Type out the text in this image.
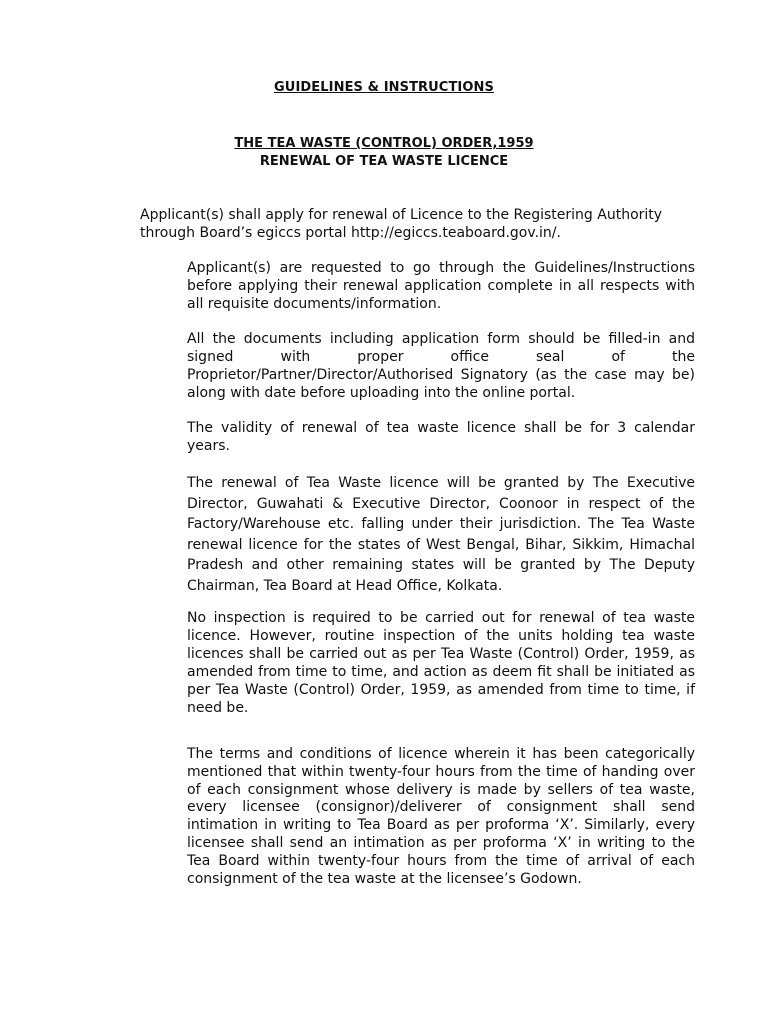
GUIDELINES & INSTRUCTIONS
THE TEA WASTE (CONTROL) ORDER,1959
RENEWAL OF TEA WASTE LICENCE
Applicant(s) shall apply for renewal of Licence to the Registering Authority through Board’s egiccs portal http://egiccs.teaboard.gov.in/.
Applicant(s) are requested to go through the Guidelines/Instructions before applying their renewal application complete in all respects with all requisite documents/information.
All the documents including application form should be filled-in and signed with proper office seal of the Proprietor/Partner/Director/Authorised Signatory (as the case may be) along with date before uploading into the online portal.
The validity of renewal of tea waste licence shall be for 3 calendar years.
The renewal of Tea Waste licence will be granted by The Executive Director, Guwahati & Executive Director, Coonoor in respect of the Factory/Warehouse etc. falling under their jurisdiction. The Tea Waste renewal licence for the states of West Bengal, Bihar, Sikkim, Himachal Pradesh and other remaining states will be granted by The Deputy Chairman, Tea Board at Head Office, Kolkata.
No inspection is required to be carried out for renewal of tea waste licence. However, routine inspection of the units holding tea waste licences shall be carried out as per Tea Waste (Control) Order, 1959, as amended from time to time, and action as deem fit shall be initiated as per Tea Waste (Control) Order, 1959, as amended from time to time, if need be.
The terms and conditions of licence wherein it has been categorically mentioned that within twenty-four hours from the time of handing over of each consignment whose delivery is made by sellers of tea waste, every licensee (consignor)/deliverer of consignment shall send intimation in writing to Tea Board as per proforma ‘X’. Similarly, every licensee shall send an intimation as per proforma ‘X’ in writing to the Tea Board within twenty-four hours from the time of arrival of each consignment of the tea waste at the licensee’s Godown.
